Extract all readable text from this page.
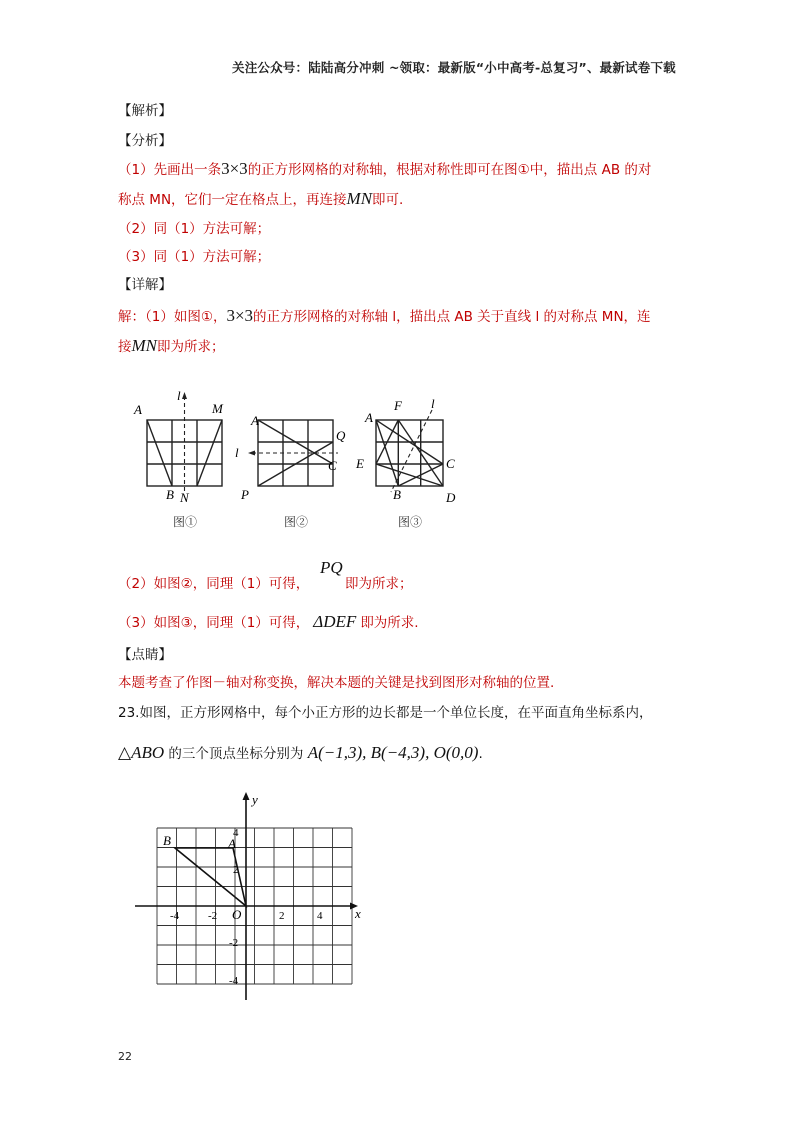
关注公众号：陆陆高分冲刺 ~领取：最新版“小中高考-总复习”、最新试卷下载
【解析】
【分析】
（1）先画出一条3×3的正方形网格的对称轴，根据对称性即可在图①中，描出点 AB 的对
称点 MN，它们一定在格点上，再连接MN即可.
（2）同（1）方法可解；
（3）同（1）方法可解；
【详解】
解：（1）如图①，3×3的正方形网格的对称轴 l，描出点 AB 关于直线 l 的对称点 MN，连
接MN即为所求；
A
l
M
B N
图①
A
l
Q
C
P
图②
A
F l
E	C
B	D
图③
（2）如图②，同理（1）可得，
PQ
即为所求；
（3）如图③，同理（1）可得， ΔDEF 即为所求.
【点睛】
本题考查了作图－轴对称变换，解决本题的关键是找到图形对称轴的位置.
23.如图，正方形网格中，每个小正方形的边长都是一个单位长度，在平面直角坐标系内，
△ABO 的三个顶点坐标分别为 A(−1,3), B(−4,3), O(0,0).
x
y
-4	-2	2	4
4
2
-2
-4
O
A
B
22
